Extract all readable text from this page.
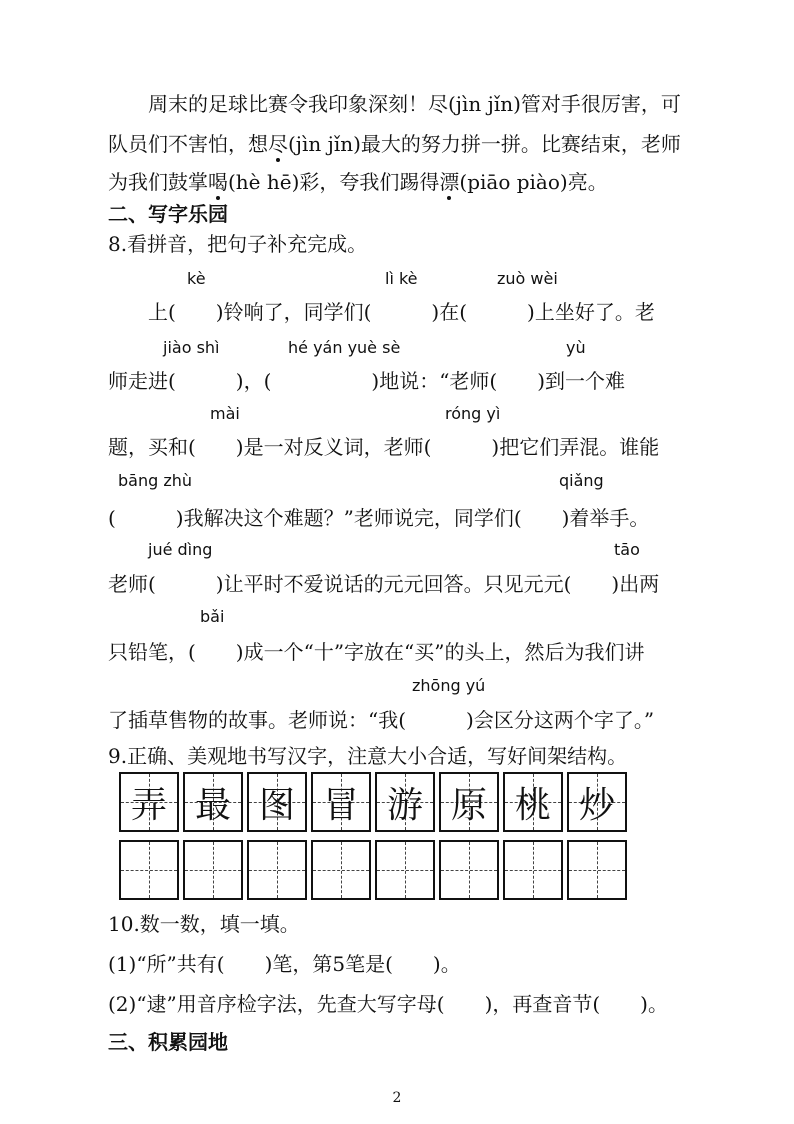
周末的足球比赛令我印象深刻！尽(jìn jǐn)管对手很厉害，可
队员们不害怕，想尽(jìn jǐn)最大的努力拼一拼。比赛结束，老师
为我们鼓掌喝(hè hē)彩，夸我们踢得漂(piāo piào)亮。
二、写字乐园
8.看拼音，把句子补充完成。
kè	lì kè	zuò wèi
上(　　)铃响了，同学们(　　　)在(　　　)上坐好了。老
jiào shì	hé yán yuè sè	yù
师走进(　　　)，(　　　　　)地说：“老师(　　)到一个难
mài	róng yì
题，买和(　　)是一对反义词，老师(　　　)把它们弄混。谁能
bāng zhù	qiǎng
(　　　)我解决这个难题？”老师说完，同学们(　　)着举手。
jué dìng	tāo
老师(　　　)让平时不爱说话的元元回答。只见元元(　　)出两
bǎi
只铅笔，(　　)成一个“十”字放在“买”的头上，然后为我们讲
zhōng yú
了插草售物的故事。老师说：“我(　　　)会区分这两个字了。”
9.正确、美观地书写汉字，注意大小合适，写好间架结构。
弄 最 图 冒 游 原 桃 炒
10.数一数，填一填。
(1)“所”共有(　　)笔，第5笔是(　　)。
(2)“逮”用音序检字法，先查大写字母(　　)，再查音节(　　)。
三、积累园地
2
